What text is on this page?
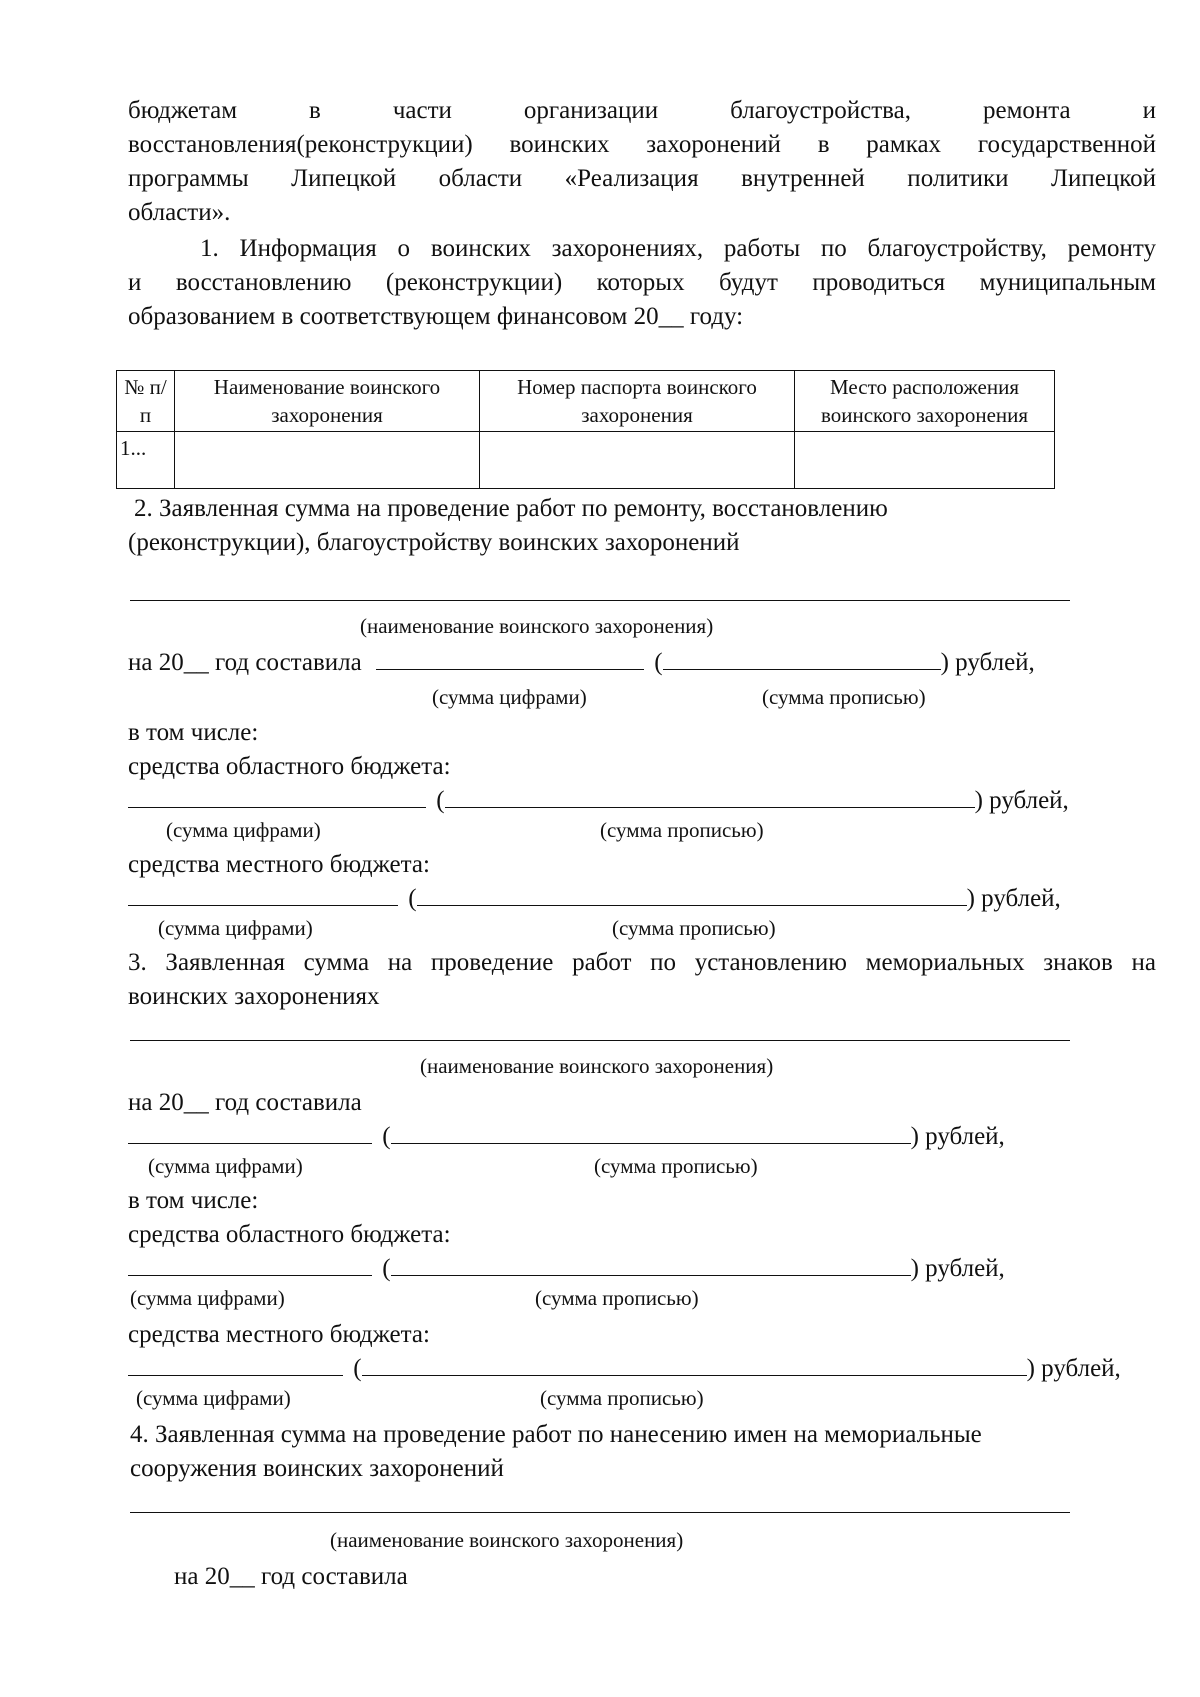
бюджетам в части организации благоустройства, ремонта и
восстановления(реконструкции) воинских захоронений в рамках государственной
программы Липецкой области «Реализация внутренней политики Липецкой
области».
1. Информация о воинских захоронениях, работы по благоустройству, ремонту
и восстановлению (реконструкции) которых будут проводиться муниципальным
образованием в соответствующем финансовом 20__ году:
№ п/п	Наименование воинского захоронения	Номер паспорта воинского захоронения	Место расположения воинского захоронения
1...			
2. Заявленная сумма на проведение работ по ремонту, восстановлению
(реконструкции), благоустройству воинских захоронений
(наименование воинского захоронения)
на 20__ год составила	(	) рублей,
(сумма цифрами)	(сумма прописью)
в том числе:
средства областного бюджета:
(	) рублей,
(сумма цифрами)	(сумма прописью)
средства местного бюджета:
(	) рублей,
(сумма цифрами)	(сумма прописью)
3. Заявленная сумма на проведение работ по установлению мемориальных знаков на
воинских захоронениях
(наименование воинского захоронения)
на 20__ год составила
(	) рублей,
(сумма цифрами)	(сумма прописью)
в том числе:
средства областного бюджета:
(	) рублей,
(сумма цифрами)	(сумма прописью)
средства местного бюджета:
(	) рублей,
(сумма цифрами)	(сумма прописью)
4. Заявленная сумма на проведение работ по нанесению имен на мемориальные
сооружения воинских захоронений
(наименование воинского захоронения)
на 20__ год составила
